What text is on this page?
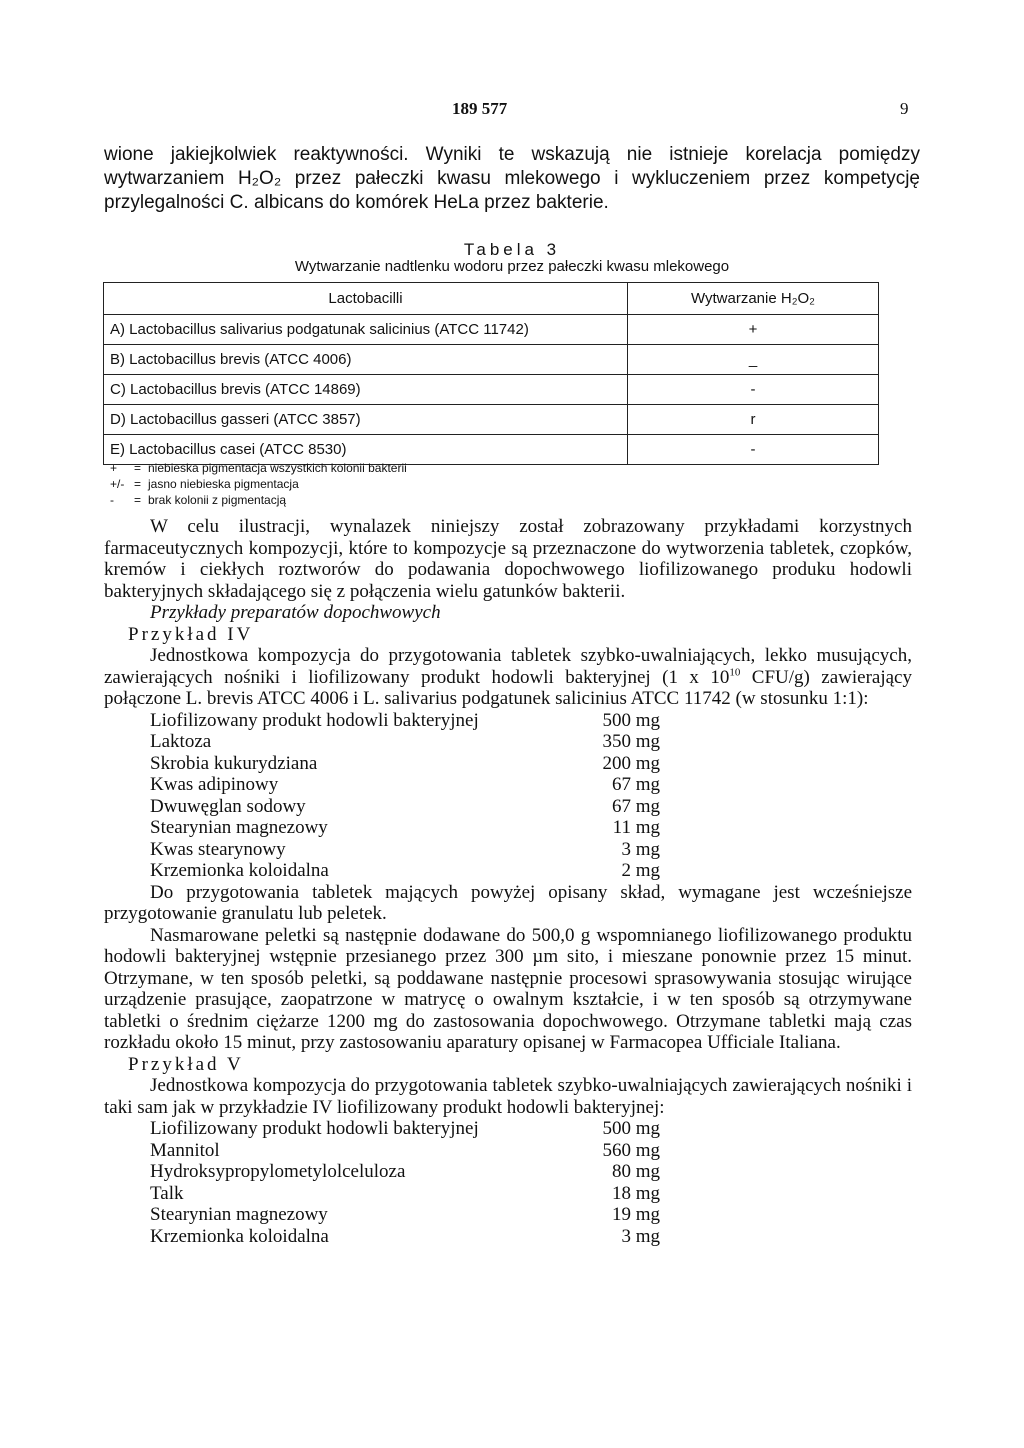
189 577	9

wione jakiejkolwiek reaktywności. Wyniki te wskazują nie istnieje korelacja pomiędzy wytwarzaniem H₂O₂ przez pałeczki kwasu mlekowego i wykluczeniem przez kompetycję przylegalności C. albicans do komórek HeLa przez bakterie.

Tabela 3
Wytwarzanie nadtlenku wodoru przez pałeczki kwasu mlekowego
Lactobacilli	Wytwarzanie H₂O₂
A) Lactobacillus salivarius podgatunak salicinius (ATCC 11742)	+
B) Lactobacillus brevis (ATCC 4006)	_
C) Lactobacillus brevis (ATCC 14869)	-
D) Lactobacillus gasseri (ATCC 3857)	r
E) Lactobacillus casei (ATCC 8530)	-
+ = niebieska pigmentacja wszystkich kolonii bakterii
+/- = jasno niebieska pigmentacja
- = brak kolonii z pigmentacją

W celu ilustracji, wynalazek niniejszy został zobrazowany przykładami korzystnych farmaceutycznych kompozycji, które to kompozycje są przeznaczone do wytworzenia tabletek, czopków, kremów i ciekłych roztworów do podawania dopochwowego liofilizowanego produku hodowli bakteryjnych składającego się z połączenia wielu gatunków bakterii.

Przykłady preparatów dopochwowych

Przykład IV

Jednostkowa kompozycja do przygotowania tabletek szybko-uwalniających, lekko musujących, zawierających nośniki i liofilizowany produkt hodowli bakteryjnej (1 x $10^{10}$ CFU/g) zawierający połączone L. brevis ATCC 4006 i L. salivarius podgatunek salicinius ATCC 11742 (w stosunku 1:1):

Liofilizowany produkt hodowli bakteryjnej	500 mg
Laktoza	350 mg
Skrobia kukurydziana	200 mg
Kwas adipinowy	67 mg
Dwuwęglan sodowy	67 mg
Stearynian magnezowy	11 mg
Kwas stearynowy	3 mg
Krzemionka koloidalna	2 mg

Do przygotowania tabletek mających powyżej opisany skład, wymagane jest wcześniejsze przygotowanie granulatu lub peletek.

Nasmarowane peletki są następnie dodawane do 500,0 g wspomnianego liofilizowanego produktu hodowli bakteryjnej wstępnie przesianego przez 300 µm sito, i mieszane ponownie przez 15 minut. Otrzymane, w ten sposób peletki, są poddawane następnie procesowi sprasowywania stosując wirujące urządzenie prasujące, zaopatrzone w matrycę o owalnym kształcie, i w ten sposób są otrzymywane tabletki o średnim ciężarze 1200 mg do zastosowania dopochwowego. Otrzymane tabletki mają czas rozkładu około 15 minut, przy zastosowaniu aparatury opisanej w Farmacopea Ufficiale Italiana.

Przykład V

Jednostkowa kompozycja do przygotowania tabletek szybko-uwalniających zawierających nośniki i taki sam jak w przykładzie IV liofilizowany produkt hodowli bakteryjnej:

Liofilizowany produkt hodowli bakteryjnej	500 mg
Mannitol	560 mg
Hydroksypropylometylolceluloza	80 mg
Talk	18 mg
Stearynian magnezowy	19 mg
Krzemionka koloidalna	3 mg
